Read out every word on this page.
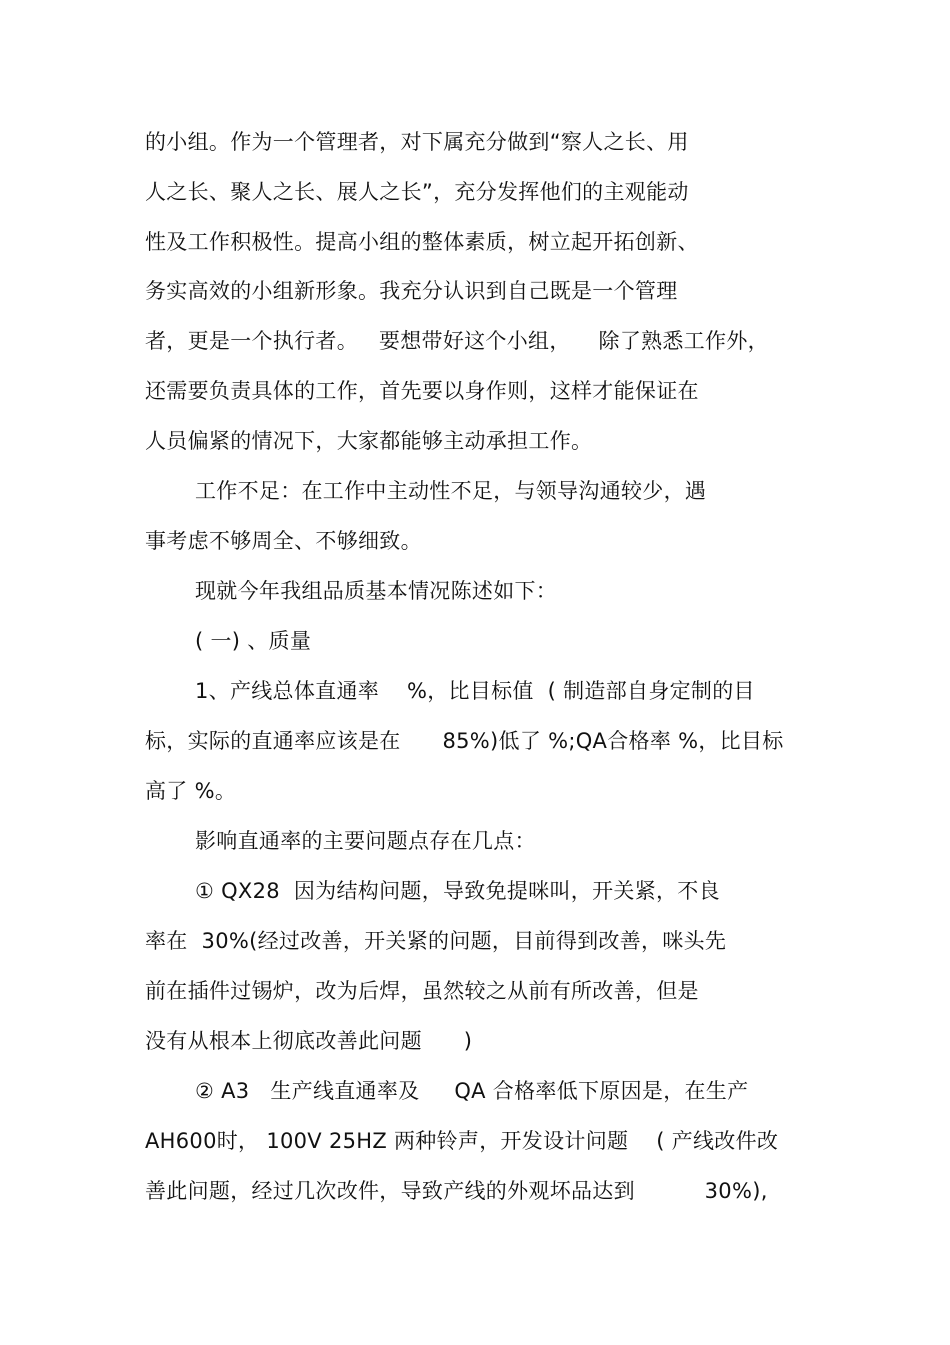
的小组。作为一个管理者，对下属充分做到“察人之长、用
人之长、聚人之长、展人之长”，充分发挥他们的主观能动
性及工作积极性。提高小组的整体素质，树立起开拓创新、
务实高效的小组新形象。我充分认识到自己既是一个管理
者，更是一个执行者。   要想带好这个小组，    除了熟悉工作外，
还需要负责具体的工作，首先要以身作则，这样才能保证在
人员偏紧的情况下，大家都能够主动承担工作。
工作不足：在工作中主动性不足，与领导沟通较少，遇
事考虑不够周全、不够细致。
现就今年我组品质基本情况陈述如下：
( 一) 、质量
1、产线总体直通率    %，比目标值  ( 制造部自身定制的目
标，实际的直通率应该是在      85%)低了 %;QA合格率 %，比目标
高了 %。
影响直通率的主要问题点存在几点：
① QX28  因为结构问题，导致免提咪叫，开关紧，不良
率在  30%(经过改善，开关紧的问题，目前得到改善，咪头先
前在插件过锡炉，改为后焊，虽然较之从前有所改善，但是
没有从根本上彻底改善此问题      )
② A3   生产线直通率及     QA 合格率低下原因是，在生产
AH600时， 100V 25HZ 两种铃声，开发设计问题    ( 产线改件改
善此问题，经过几次改件，导致产线的外观坏品达到          30%),
